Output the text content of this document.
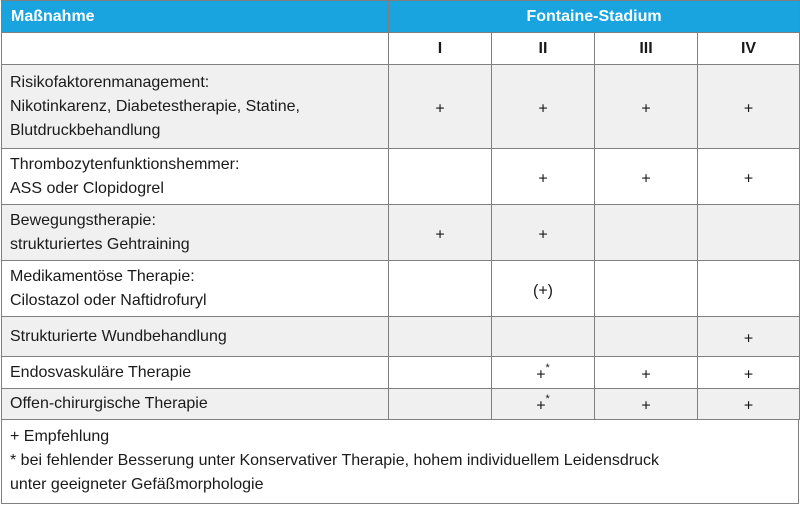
Maßnahme	Fontaine-Stadium			
	I	II	III	IV

Risikofaktorenmanagement:
Nikotinkarenz, Diabetestherapie, Statine,
Blutdruckbehandlung	+	+	+	+

Thrombozytenfunktionshemmer:
ASS oder Clopidogrel		+	+	+

Bewegungstherapie:
strukturiertes Gehtraining	+	+		

Medikamentöse Therapie:
Cilostazol oder Naftidrofuryl		(+)		

Strukturierte Wundbehandlung				+

Endosvaskuläre Therapie		+*	+	+

Offen-chirurgische Therapie		+*	+	+
+ Empfehlung
* bei fehlender Besserung unter Konservativer Therapie, hohem individuellem Leidensdruck
unter geeigneter Gefäßmorphologie
